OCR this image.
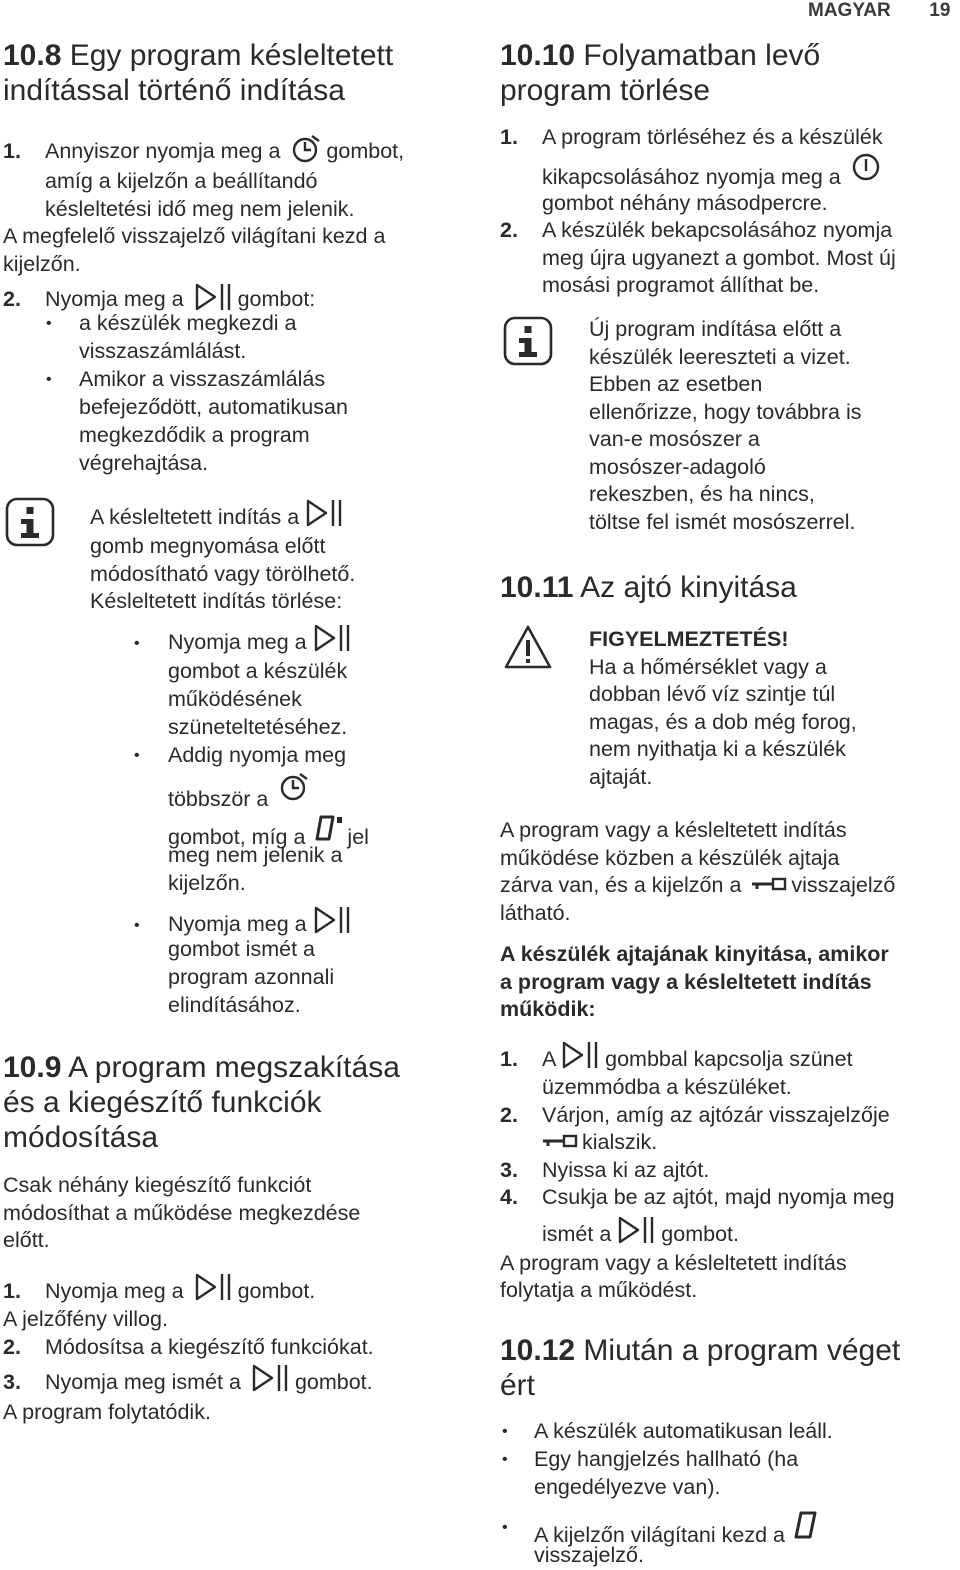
MAGYAR 19
10.8 Egy program késleltetett
indítással történő indítása
1. Annyiszor nyomja meg a gombot,
amíg a kijelzőn a beállítandó
késleltetési idő meg nem jelenik.
A megfelelő visszajelző világítani kezd a
kijelzőn.
2. Nyomja meg a	gombot:
• a készülék megkezdi a
visszaszámlálást.
• Amikor a visszaszámlálás
befejeződött, automatikusan
megkezdődik a program
végrehajtása.
A késleltetett indítás a
gomb megnyomása előtt
módosítható vagy törölhető.
Késleltetett indítás törlése:
• Nyomja meg a
gombot a készülék
működésének
szüneteltetéséhez.
• Addig nyomja meg
többször a
gombot, míg a jel
meg nem jelenik a
kijelzőn.
• Nyomja meg a
gombot ismét a
program azonnali
elindításához.
10.9 A program megszakítása
és a kiegészítő funkciók
módosítása
Csak néhány kiegészítő funkciót
módosíthat a működése megkezdése
előtt.
1. Nyomja meg a	gombot.
A jelzőfény villog.
2. Módosítsa a kiegészítő funkciókat.
3. Nyomja meg ismét a	gombot.
A program folytatódik.
10.10 Folyamatban levő
program törlése
1. A program törléséhez és a készülék
kikapcsolásához nyomja meg a
gombot néhány másodpercre.
2. A készülék bekapcsolásához nyomja
meg újra ugyanezt a gombot. Most új
mosási programot állíthat be.
Új program indítása előtt a
készülék leereszteti a vizet.
Ebben az esetben
ellenőrizze, hogy továbbra is
van-e mosószer a
mosószer-adagoló
rekeszben, és ha nincs,
töltse fel ismét mosószerrel.
10.11 Az ajtó kinyitása
FIGYELMEZTETÉS!
Ha a hőmérséklet vagy a
dobban lévő víz szintje túl
magas, és a dob még forog,
nem nyithatja ki a készülék
ajtaját.
A program vagy a késleltetett indítás
működése közben a készülék ajtaja
zárva van, és a kijelzőn a visszajelző
látható.
A készülék ajtajának kinyitása, amikor
a program vagy a késleltetett indítás
működik:
1. A gombbal kapcsolja szünet
üzemmódba a készüléket.
2. Várjon, amíg az ajtózár visszajelzője
kialszik.
3. Nyissa ki az ajtót.
4. Csukja be az ajtót, majd nyomja meg
ismét a gombot.
A program vagy a késleltetett indítás
folytatja a működést.
10.12 Miután a program véget
ért
• A készülék automatikusan leáll.
• Egy hangjelzés hallható (ha
engedélyezve van).
• A kijelzőn világítani kezd a
visszajelző.
